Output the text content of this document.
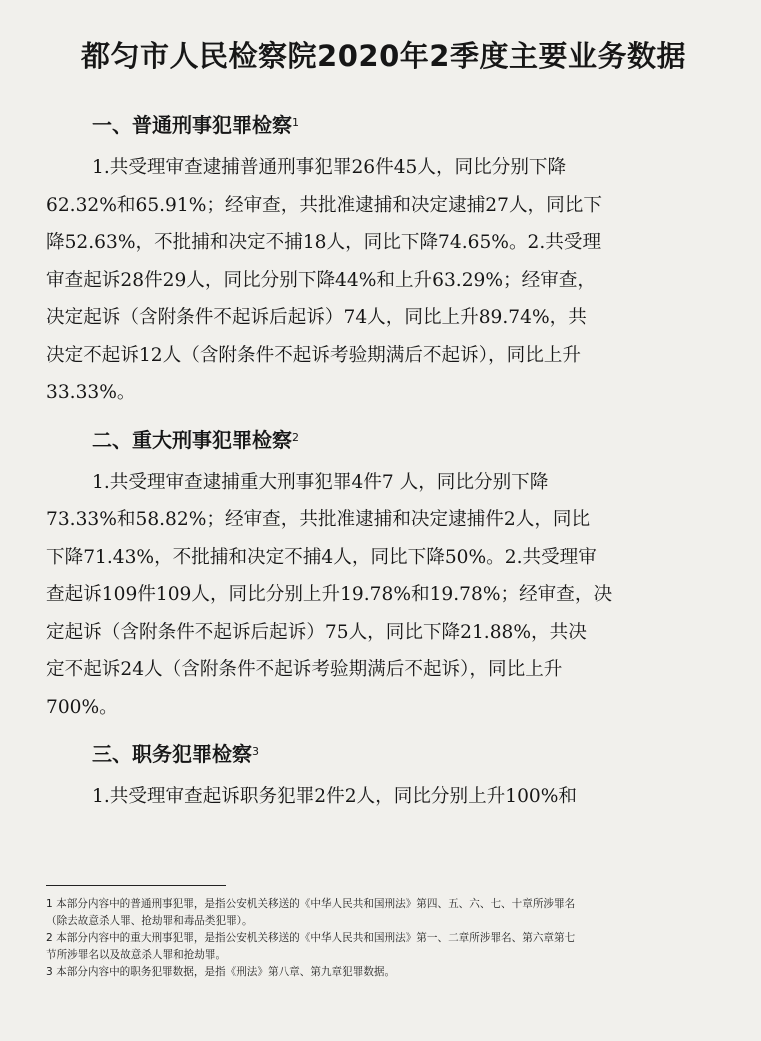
都匀市人民检察院2020年2季度主要业务数据
一、普通刑事犯罪检察$^1$

1.共受理审查逮捕普通刑事犯罪26件45人，同比分别下降
62.32%和65.91%；经审查，共批准逮捕和决定逮捕27人，同比下
降52.63%，不批捕和决定不捕18人，同比下降74.65%。2.共受理
审查起诉28件29人，同比分别下降44%和上升63.29%；经审查，
决定起诉（含附条件不起诉后起诉）74人，同比上升89.74%，共
决定不起诉12人（含附条件不起诉考验期满后不起诉），同比上升
33.33%。

二、重大刑事犯罪检察$^2$

1.共受理审查逮捕重大刑事犯罪4件7 人，同比分别下降
73.33%和58.82%；经审查，共批准逮捕和决定逮捕件2人，同比
下降71.43%，不批捕和决定不捕4人，同比下降50%。2.共受理审
查起诉109件109人，同比分别上升19.78%和19.78%；经审查，决
定起诉（含附条件不起诉后起诉）75人，同比下降21.88%，共决
定不起诉24人（含附条件不起诉考验期满后不起诉），同比上升
700%。

三、职务犯罪检察$^3$

1.共受理审查起诉职务犯罪2件2人，同比分别上升100%和

1 本部分内容中的普通刑事犯罪，是指公安机关移送的《中华人民共和国刑法》第四、五、六、七、十章所涉罪名
（除去故意杀人罪、抢劫罪和毒品类犯罪）。

2 本部分内容中的重大刑事犯罪，是指公安机关移送的《中华人民共和国刑法》第一、二章所涉罪名、第六章第七
节所涉罪名以及故意杀人罪和抢劫罪。

3 本部分内容中的职务犯罪数据，是指《刑法》第八章、第九章犯罪数据。
